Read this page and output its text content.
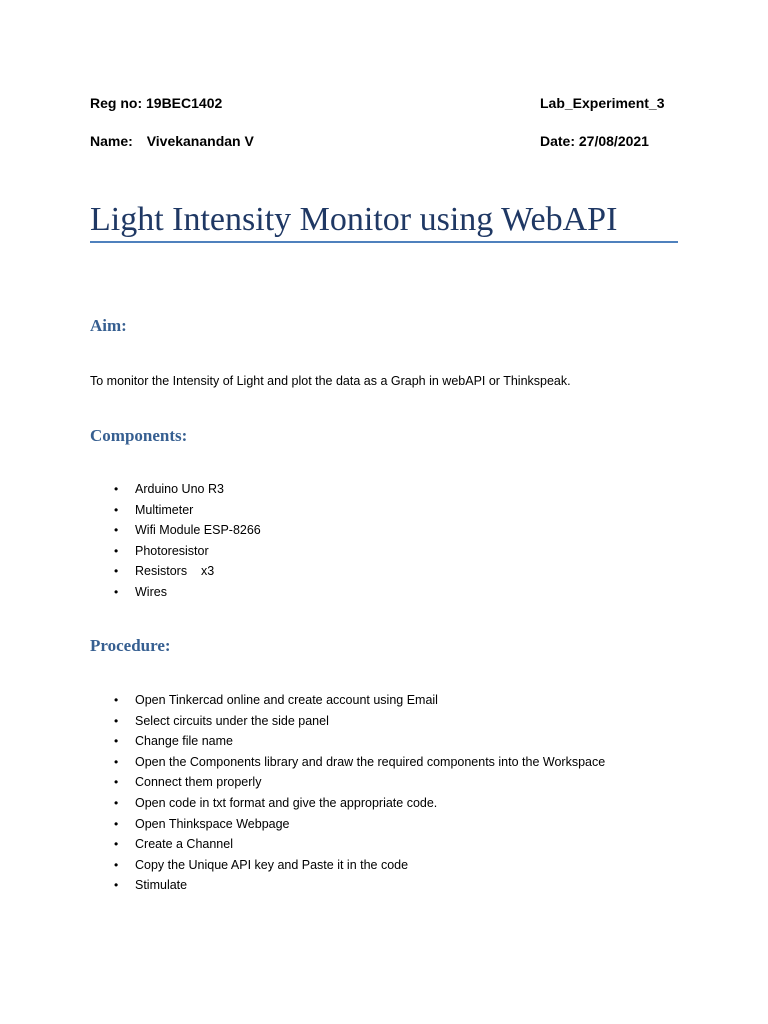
Reg no: 19BEC1402	Lab_Experiment_3
Name: Vivekanandan V	Date: 27/08/2021
Light Intensity Monitor using WebAPI
Aim:
To monitor the Intensity of Light and plot the data as a Graph in webAPI or Thinkspeak.
Components:
• Arduino Uno R3
• Multimeter
• Wifi Module ESP-8266
• Photoresistor
• Resistors    x3
• Wires
Procedure:
• Open Tinkercad online and create account using Email
• Select circuits under the side panel
• Change file name
• Open the Components library and draw the required components into the Workspace
• Connect them properly
• Open code in txt format and give the appropriate code.
• Open Thinkspace Webpage
• Create a Channel
• Copy the Unique API key and Paste it in the code
• Stimulate
